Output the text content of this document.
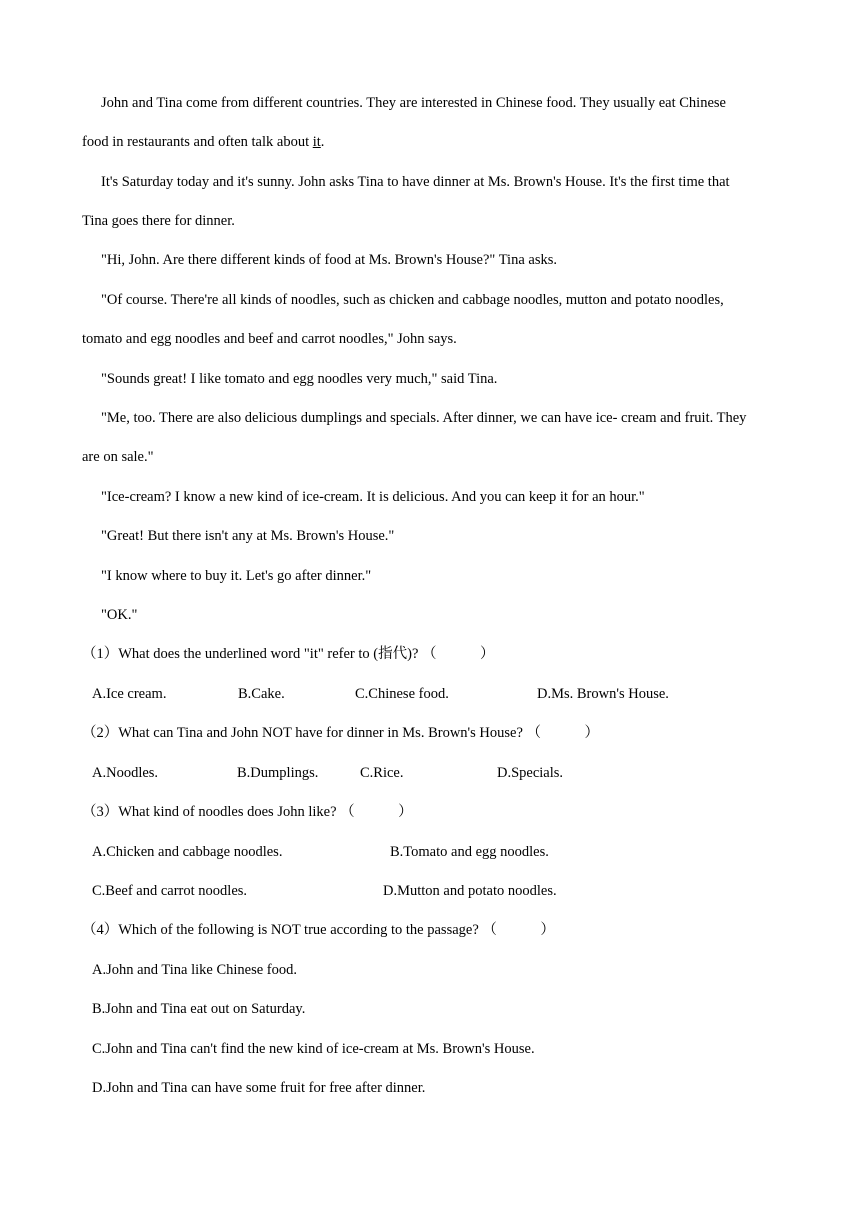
John and Tina come from different countries. They are interested in Chinese food. They usually eat Chinese
food in restaurants and often talk about it.
It's Saturday today and it's sunny. John asks Tina to have dinner at Ms. Brown's House. It's the first time that
Tina goes there for dinner.
"Hi, John. Are there different kinds of food at Ms. Brown's House?" Tina asks.
"Of course. There're all kinds of noodles, such as chicken and cabbage noodles, mutton and potato noodles,
tomato and egg noodles and beef and carrot noodles," John says.
"Sounds great! I like tomato and egg noodles very much," said Tina.
"Me, too. There are also delicious dumplings and specials. After dinner, we can have ice- cream and fruit. They
are on sale."
"Ice-cream? I know a new kind of ice-cream. It is delicious. And you can keep it for an hour."
"Great! But there isn't any at Ms. Brown's House."
"I know where to buy it. Let's go after dinner."
"OK."
（1）What does the underlined word "it" refer to (指代)? （　　　）
A.Ice cream.	B.Cake.	C.Chinese food.	D.Ms. Brown's House.
（2）What can Tina and John NOT have for dinner in Ms. Brown's House? （　　　）
A.Noodles.	B.Dumplings.	C.Rice.	D.Specials.
（3）What kind of noodles does John like? （　　　）
A.Chicken and cabbage noodles.	B.Tomato and egg noodles.
C.Beef and carrot noodles.	D.Mutton and potato noodles.
（4）Which of the following is NOT true according to the passage? （　　　）
A.John and Tina like Chinese food.
B.John and Tina eat out on Saturday.
C.John and Tina can't find the new kind of ice-cream at Ms. Brown's House.
D.John and Tina can have some fruit for free after dinner.
